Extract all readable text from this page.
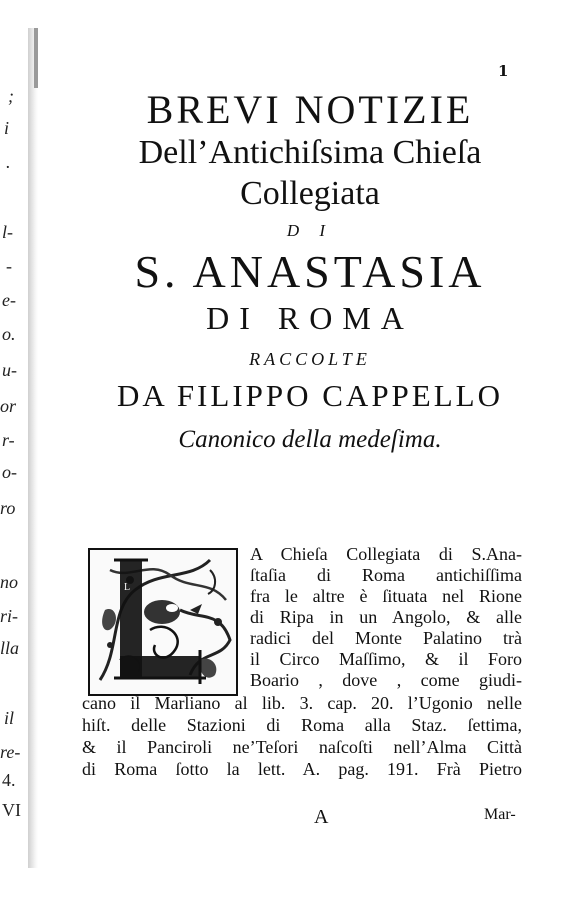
;
i
.
l-
-
e-
o.
u-
or
r-
o-
ro
no
ri-
lla
il
re-
4.
VI
1
BREVI NOTIZIE
Dell’Antichiſsima Chieſa
Collegiata
D I
S. ANASTASIA
DI ROMA
RACCOLTE
DA FILIPPO CAPPELLO
Canonico della medeſima.
L
A Chieſa Collegiata di S.Ana-
ſtaſia di Roma antichiſſima
fra le altre è ſituata nel Rione
di Ripa in un Angolo, & alle
radici del Monte Palatino trà
il Circo Maſſimo, & il Foro
Boario , dove , come giudi-
cano il Marliano al lib. 3. cap. 20. l’Ugonio nelle
hiſt. delle Stazioni di Roma alla Staz. ſettima,
& il Panciroli ne’Teſori naſcoſti nell’Alma Città
di Roma ſotto la lett. A. pag. 191. Frà Pietro
A	Mar-
